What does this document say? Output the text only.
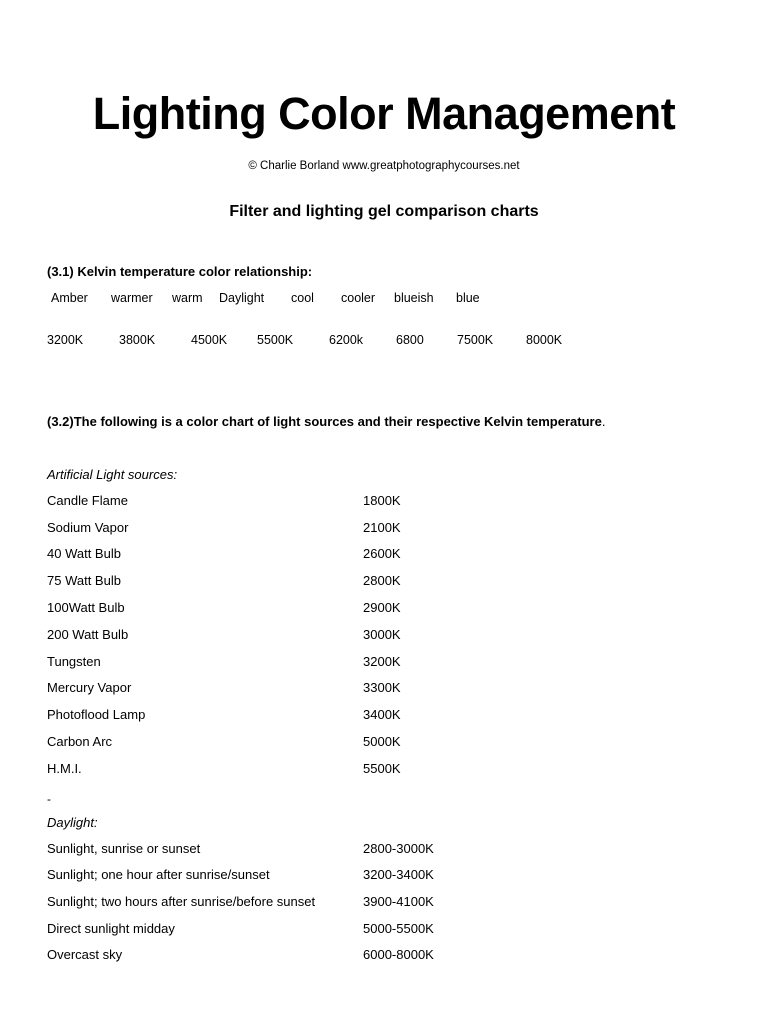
Lighting Color Management
© Charlie Borland www.greatphotographycourses.net
Filter and lighting gel comparison charts
(3.1) Kelvin temperature color relationship:
Amber warmer warm Daylight cool cooler blueish blue
3200K	3800K	4500K 5500K	6200k	6800	7500K	8000K
(3.2)The following is a color chart of light sources and their respective Kelvin temperature.
Artificial Light sources:
Candle Flame	1800K
Sodium Vapor	2100K
40 Watt Bulb	2600K
75 Watt Bulb	2800K
100Watt Bulb	2900K
200 Watt Bulb	3000K
Tungsten	3200K
Mercury Vapor	3300K
Photoflood Lamp	3400K
Carbon Arc	5000K
H.M.I.	5500K
-
Daylight:
Sunlight, sunrise or sunset	2800-3000K
Sunlight; one hour after sunrise/sunset	3200-3400K
Sunlight; two hours after sunrise/before sunset	3900-4100K
Direct sunlight midday	5000-5500K
Overcast sky	6000-8000K
